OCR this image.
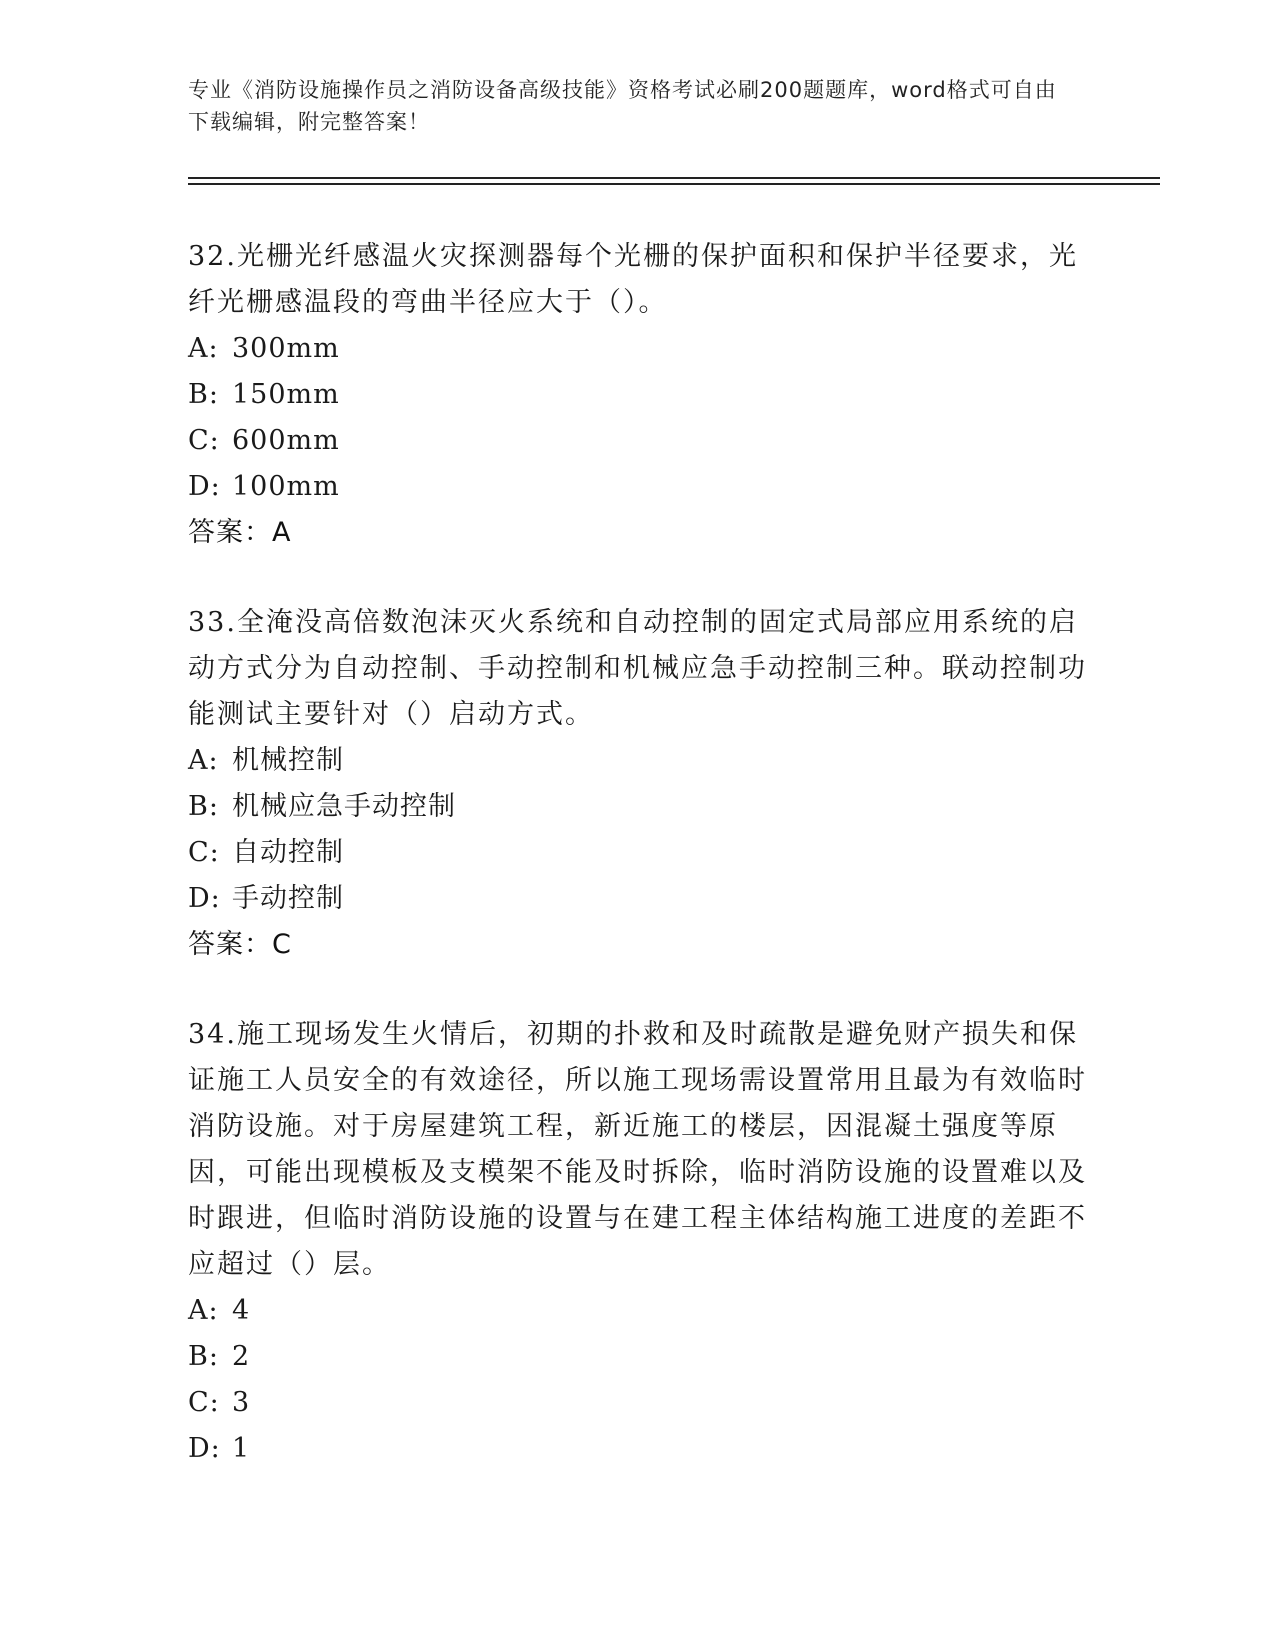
专业《消防设施操作员之消防设备高级技能》资格考试必刷200题题库，word格式可自由下载编辑，附完整答案！

32.光栅光纤感温火灾探测器每个光栅的保护面积和保护半径要求，光纤光栅感温段的弯曲半径应大于（）。

A: 300mm

B: 150mm

C: 600mm

D: 100mm

答案：A

33.全淹没高倍数泡沫灭火系统和自动控制的固定式局部应用系统的启动方式分为自动控制、手动控制和机械应急手动控制三种。联动控制功能测试主要针对（）启动方式。

A: 机械控制

B: 机械应急手动控制

C: 自动控制

D: 手动控制

答案：C

34.施工现场发生火情后，初期的扑救和及时疏散是避免财产损失和保证施工人员安全的有效途径，所以施工现场需设置常用且最为有效临时消防设施。对于房屋建筑工程，新近施工的楼层，因混凝土强度等原因，可能出现模板及支模架不能及时拆除，临时消防设施的设置难以及时跟进，但临时消防设施的设置与在建工程主体结构施工进度的差距不应超过（）层。

A: 4

B: 2

C: 3

D: 1
